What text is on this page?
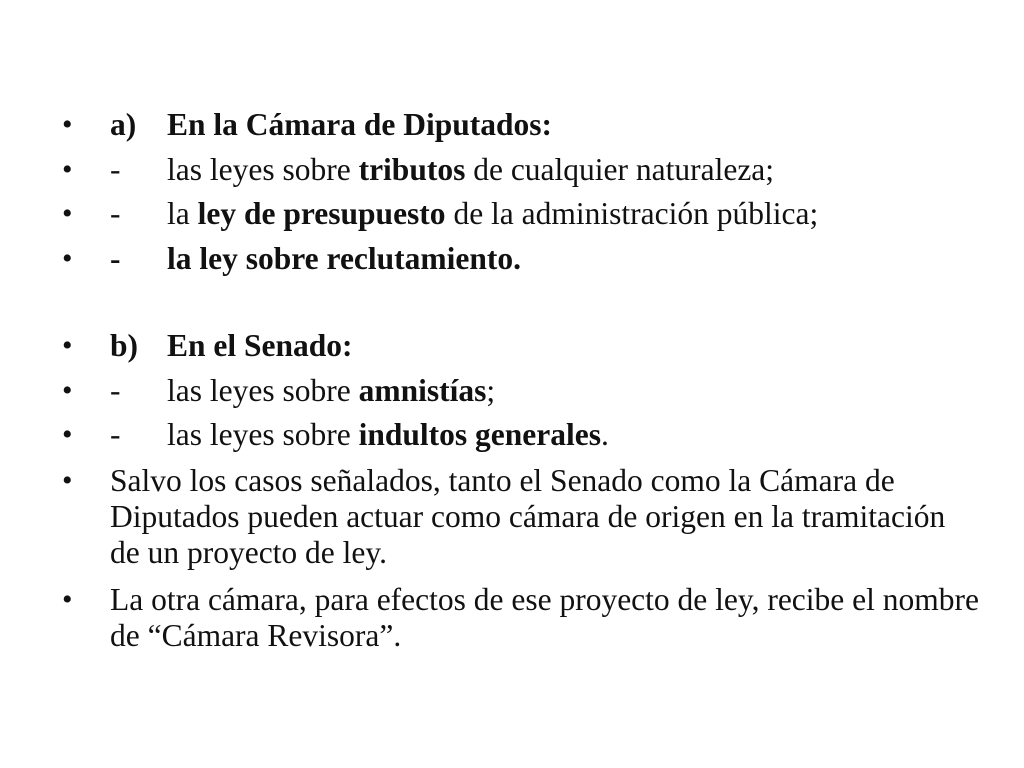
•	a) En la Cámara de Diputados:
•	- las leyes sobre tributos de cualquier naturaleza;
•	- la ley de presupuesto de la administración pública;
•	- la ley sobre reclutamiento.
•	b) En el Senado:
•	- las leyes sobre amnistías;
•	- las leyes sobre indultos generales.
•	Salvo los casos señalados, tanto el Senado como la Cámara de Diputados pueden actuar como cámara de origen en la tramitación de un proyecto de ley.
•	La otra cámara, para efectos de ese proyecto de ley, recibe el nombre de “Cámara Revisora”.
